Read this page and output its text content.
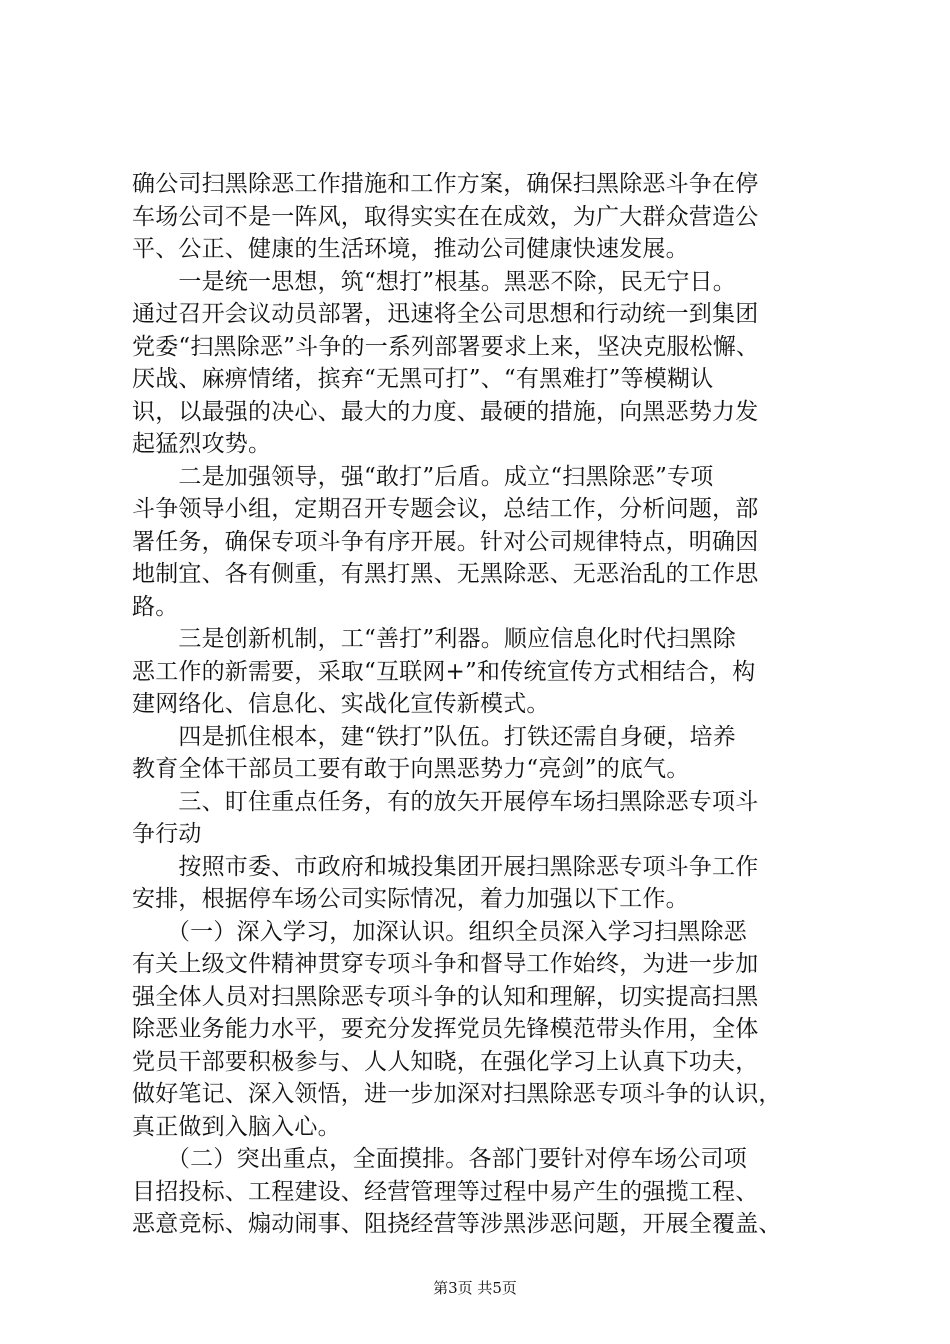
确公司扫黑除恶工作措施和工作方案，确保扫黑除恶斗争在停
车场公司不是一阵风，取得实实在在成效，为广大群众营造公
平、公正、健康的生活环境，推动公司健康快速发展。
　　一是统一思想，筑“想打”根基。黑恶不除，民无宁日。
通过召开会议动员部署，迅速将全公司思想和行动统一到集团
党委“扫黑除恶”斗争的一系列部署要求上来，坚决克服松懈、
厌战、麻痹情绪，摈弃“无黑可打”、“有黑难打”等模糊认
识，以最强的决心、最大的力度、最硬的措施，向黑恶势力发
起猛烈攻势。
　　二是加强领导，强“敢打”后盾。成立“扫黑除恶”专项
斗争领导小组，定期召开专题会议，总结工作，分析问题，部
署任务，确保专项斗争有序开展。针对公司规律特点，明确因
地制宜、各有侧重，有黑打黑、无黑除恶、无恶治乱的工作思
路。
　　三是创新机制，工“善打”利器。顺应信息化时代扫黑除
恶工作的新需要，采取“互联网+”和传统宣传方式相结合，构
建网络化、信息化、实战化宣传新模式。
　　四是抓住根本，建“铁打”队伍。打铁还需自身硬，培养
教育全体干部员工要有敢于向黑恶势力“亮剑”的底气。
　　三、盯住重点任务，有的放矢开展停车场扫黑除恶专项斗
争行动
　　按照市委、市政府和城投集团开展扫黑除恶专项斗争工作
安排，根据停车场公司实际情况，着力加强以下工作。
　　（一）深入学习，加深认识。组织全员深入学习扫黑除恶
有关上级文件精神贯穿专项斗争和督导工作始终，为进一步加
强全体人员对扫黑除恶专项斗争的认知和理解，切实提高扫黑
除恶业务能力水平，要充分发挥党员先锋模范带头作用，全体
党员干部要积极参与、人人知晓，在强化学习上认真下功夫，
做好笔记、深入领悟，进一步加深对扫黑除恶专项斗争的认识，
真正做到入脑入心。
　　（二）突出重点，全面摸排。各部门要针对停车场公司项
目招投标、工程建设、经营管理等过程中易产生的强揽工程、
恶意竞标、煽动闹事、阻挠经营等涉黑涉恶问题，开展全覆盖、
第3页 共5页
